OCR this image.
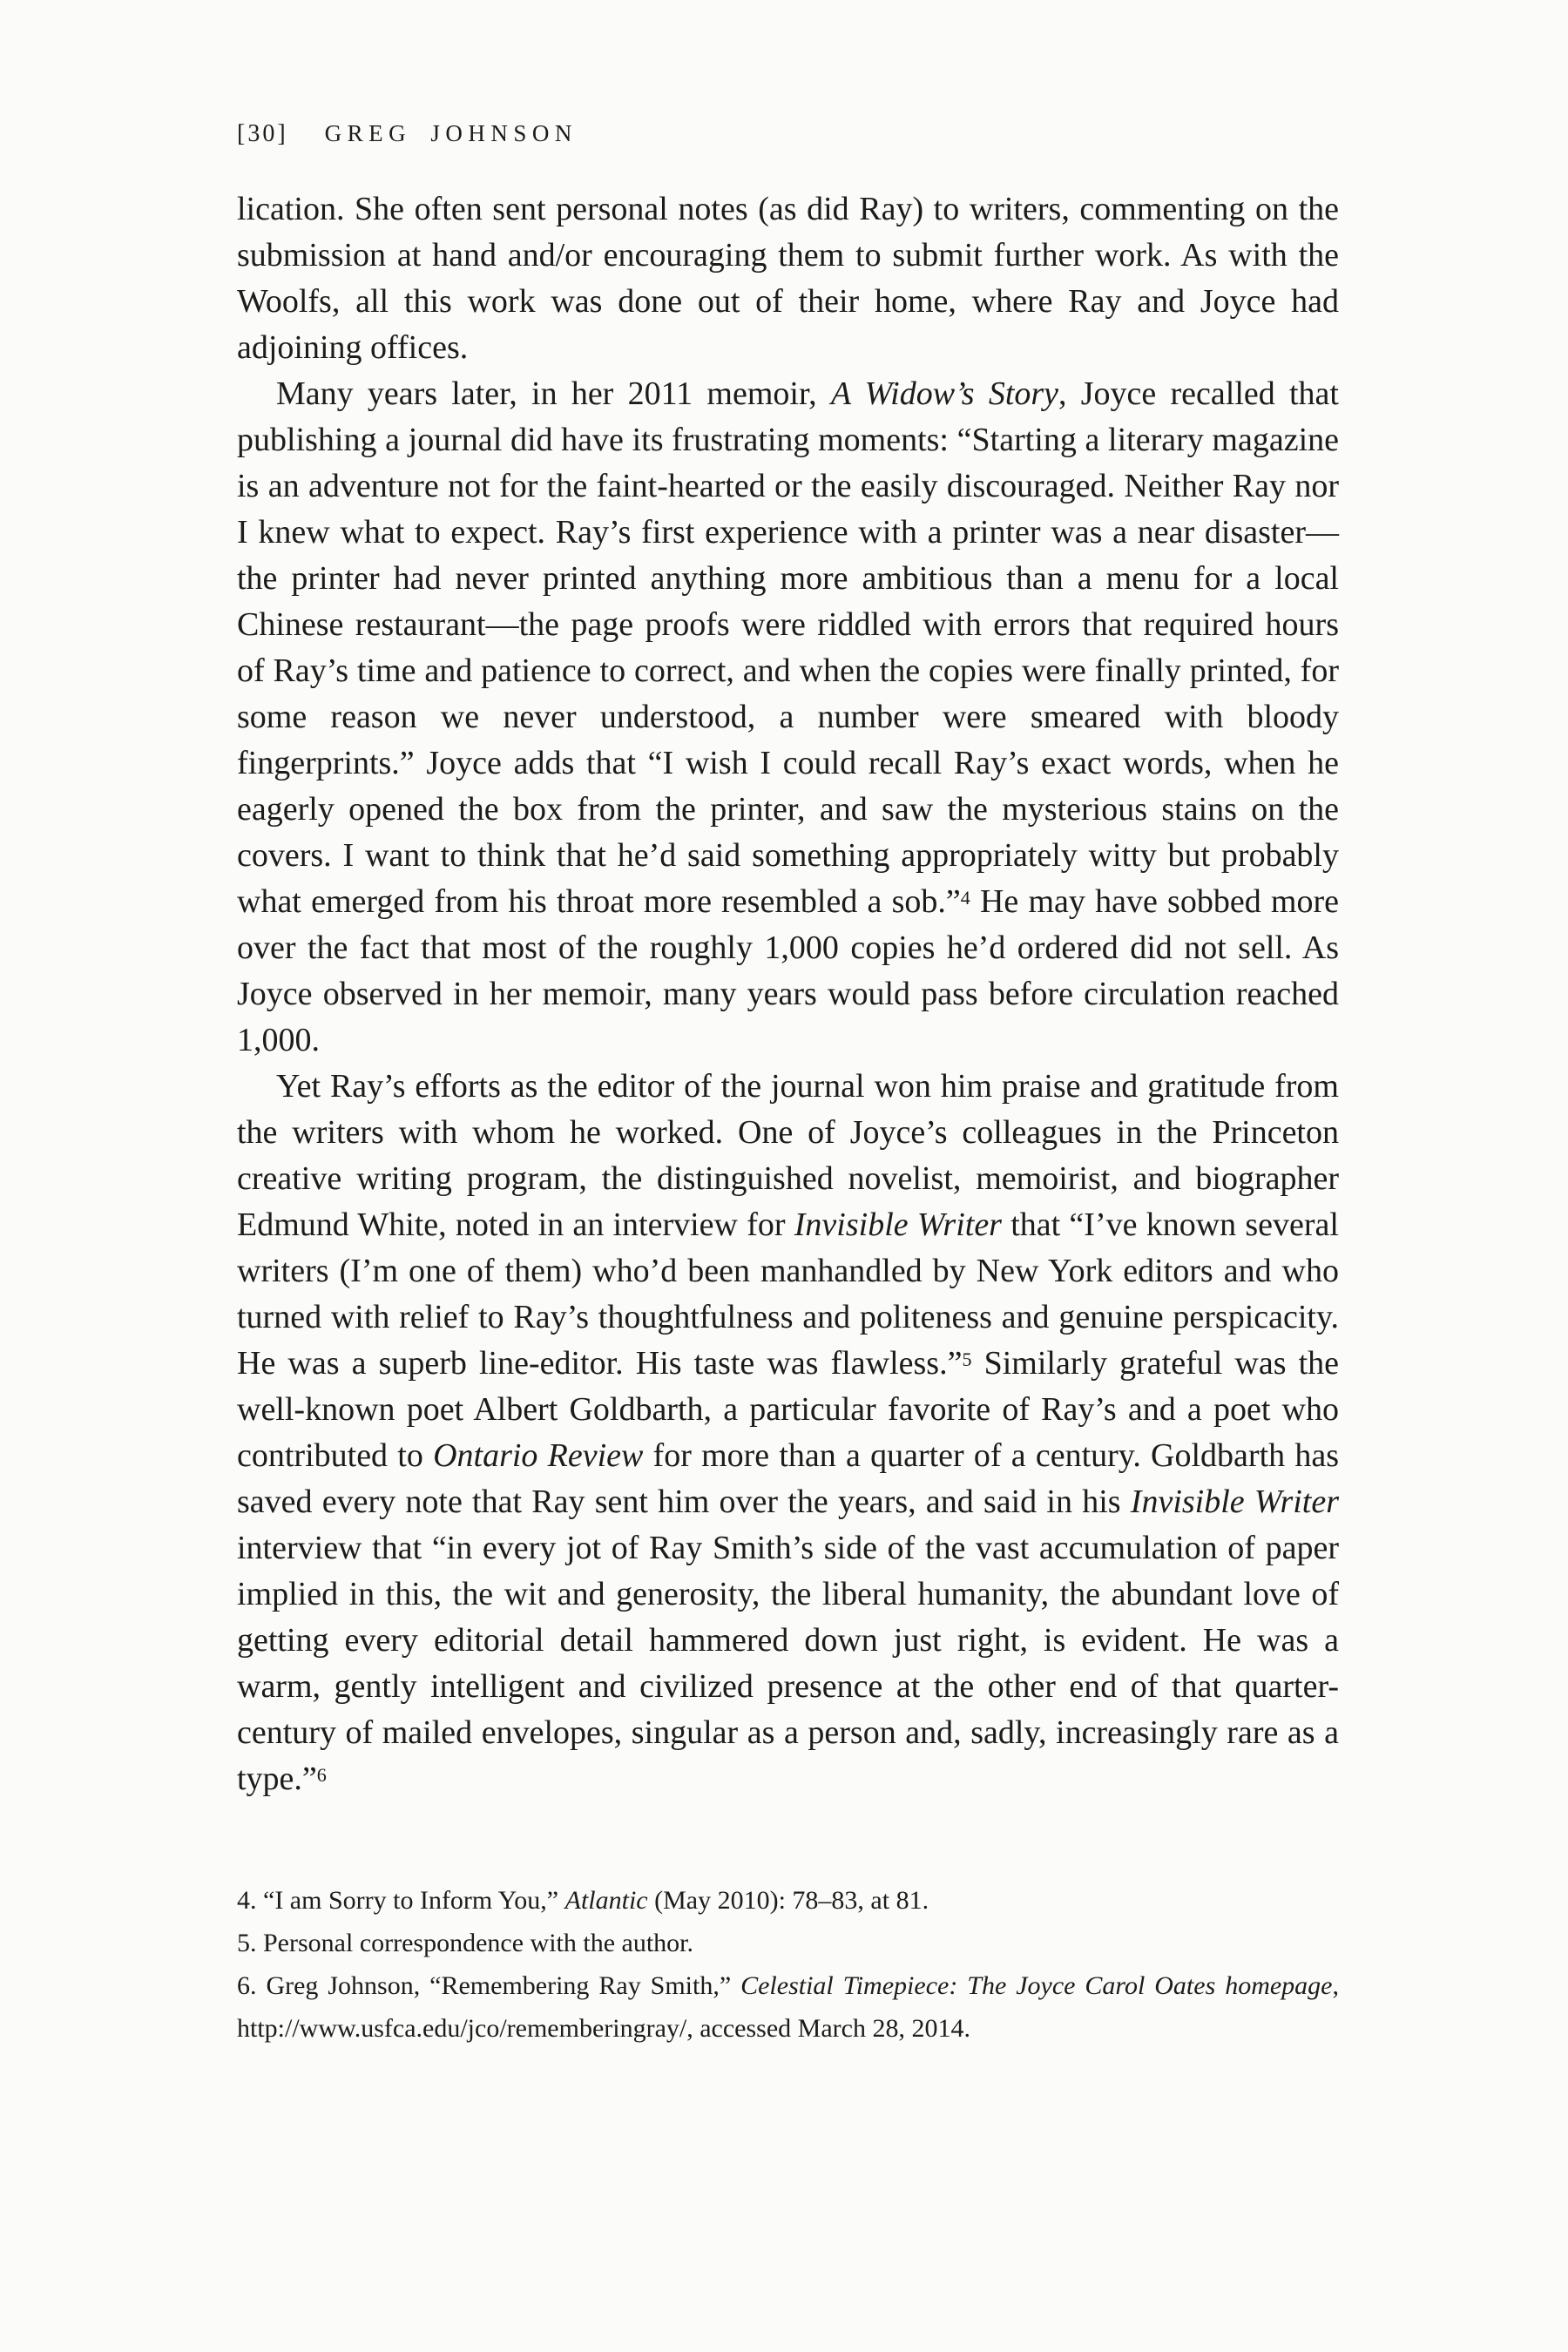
[30] GREG JOHNSON

lication. She often sent personal notes (as did Ray) to writers, commenting on the submission at hand and/or encouraging them to submit further work. As with the Woolfs, all this work was done out of their home, where Ray and Joyce had adjoining offices.

Many years later, in her 2011 memoir, A Widow’s Story, Joyce recalled that publishing a journal did have its frustrating moments: “Starting a literary magazine is an adventure not for the faint-hearted or the easily discouraged. Neither Ray nor I knew what to expect. Ray’s first experience with a printer was a near disaster—the printer had never printed anything more ambitious than a menu for a local Chinese restaurant—the page proofs were riddled with errors that required hours of Ray’s time and patience to correct, and when the copies were finally printed, for some reason we never understood, a number were smeared with bloody fingerprints.” Joyce adds that “I wish I could recall Ray’s exact words, when he eagerly opened the box from the printer, and saw the mysterious stains on the covers. I want to think that he’d said something appropriately witty but probably what emerged from his throat more resembled a sob.”$^4$ He may have sobbed more over the fact that most of the roughly 1,000 copies he’d ordered did not sell. As Joyce observed in her memoir, many years would pass before circulation reached 1,000.

Yet Ray’s efforts as the editor of the journal won him praise and gratitude from the writers with whom he worked. One of Joyce’s colleagues in the Princeton creative writing program, the distinguished novelist, memoirist, and biographer Edmund White, noted in an interview for Invisible Writer that “I’ve known several writers (I’m one of them) who’d been manhandled by New York editors and who turned with relief to Ray’s thoughtfulness and politeness and genuine perspicacity. He was a superb line-editor. His taste was flawless.”$^5$ Similarly grateful was the well-known poet Albert Goldbarth, a particular favorite of Ray’s and a poet who contributed to Ontario Review for more than a quarter of a century. Goldbarth has saved every note that Ray sent him over the years, and said in his Invisible Writer interview that “in every jot of Ray Smith’s side of the vast accumulation of paper implied in this, the wit and generosity, the liberal humanity, the abundant love of getting every editorial detail hammered down just right, is evident. He was a warm, gently intelligent and civilized presence at the other end of that quarter-century of mailed envelopes, singular as a person and, sadly, increasingly rare as a type.”$^6$

4. “I am Sorry to Inform You,” Atlantic (May 2010): 78–83, at 81.

5. Personal correspondence with the author.

6. Greg Johnson, “Remembering Ray Smith,” Celestial Timepiece: The Joyce Carol Oates homepage, http://www.usfca.edu/jco/rememberingray/, accessed March 28, 2014.
